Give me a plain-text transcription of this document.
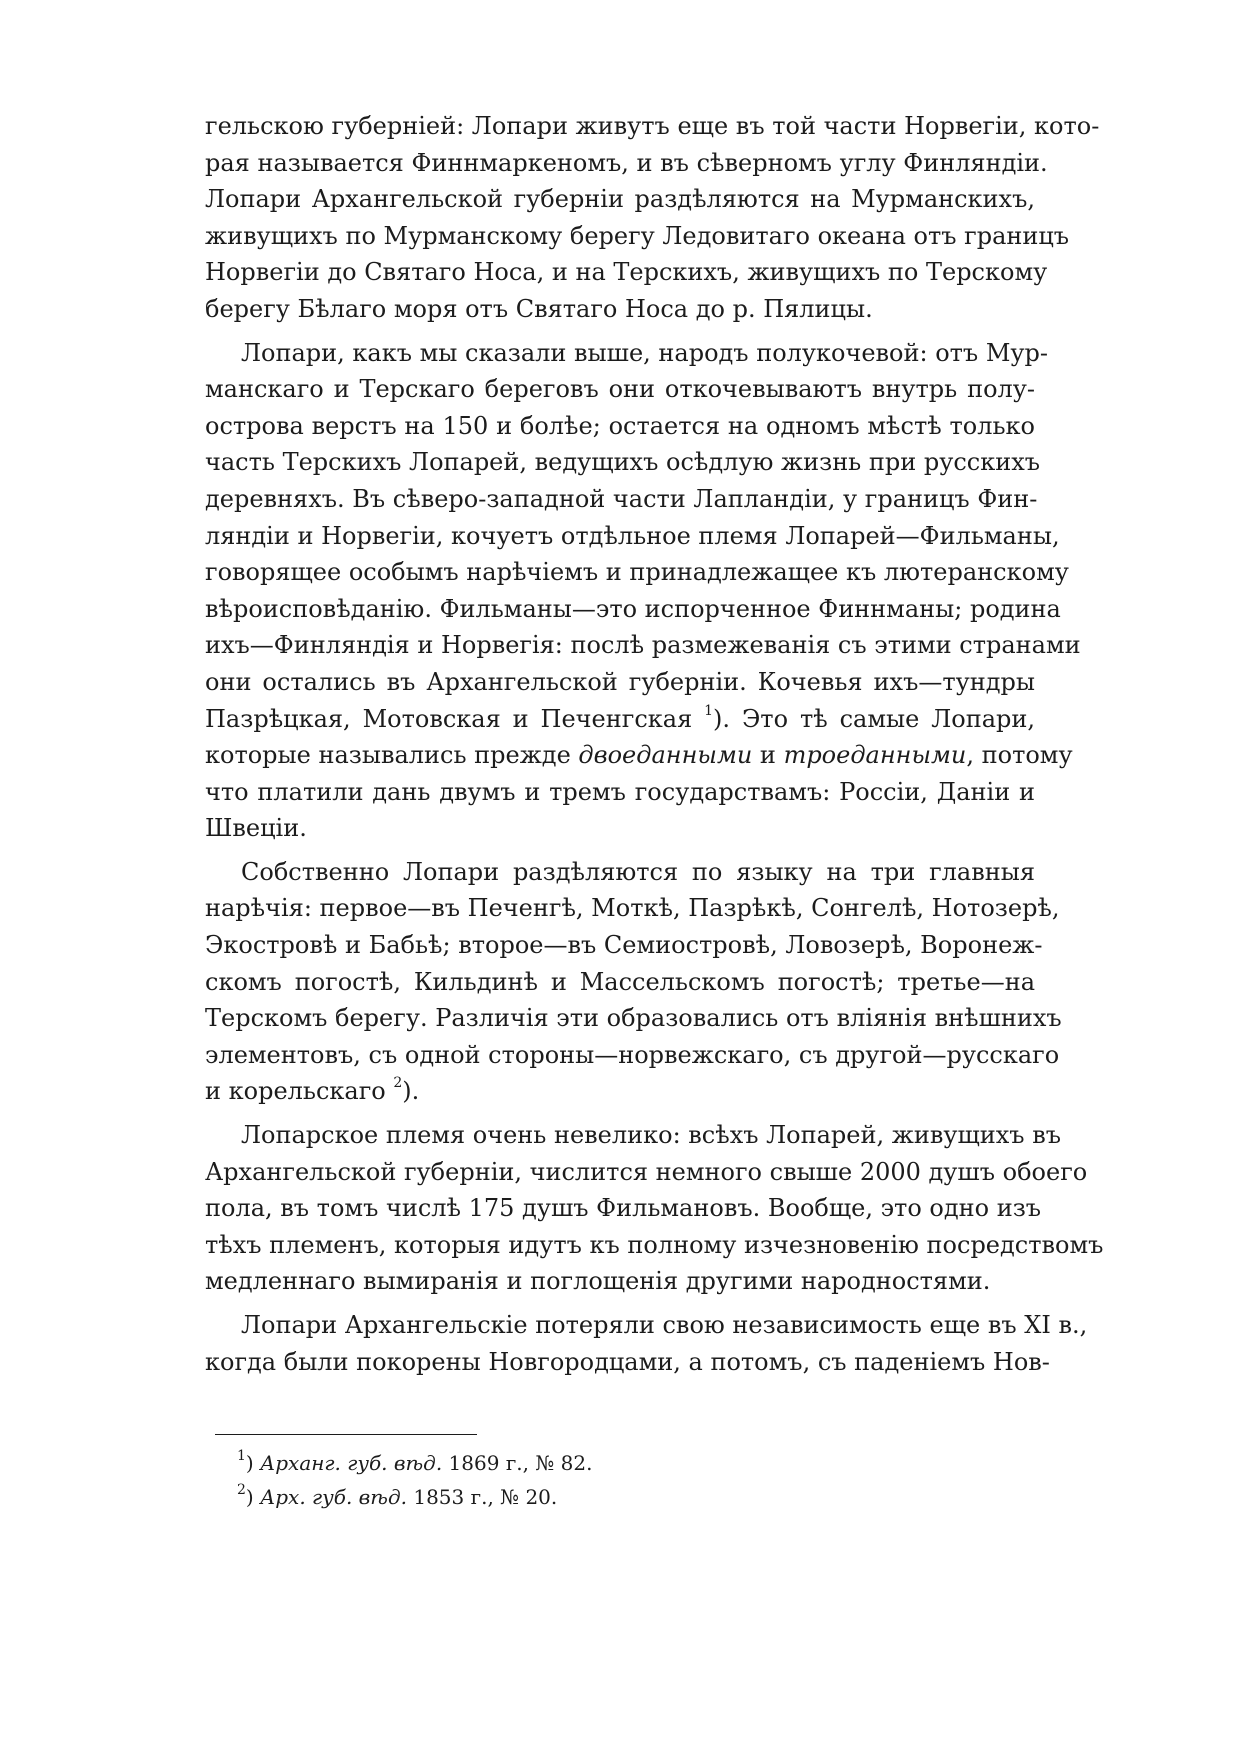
гельскою губерніей: Лопари живутъ еще въ той части Норвегіи, кото-
рая называется Финнмаркеномъ, и въ сѣверномъ углу Финляндіи.
Лопари Архангельской губерніи раздѣляются на Мурманскихъ,
живущихъ по Мурманскому берегу Ледовитаго океана отъ границъ
Норвегіи до Святаго Носа, и на Терскихъ, живущихъ по Терскому
берегу Бѣлаго моря отъ Святаго Носа до р. Пялицы.
Лопари, какъ мы сказали выше, народъ полукочевой: отъ Мур-
манскаго и Терскаго береговъ они откочевываютъ внутрь полу-
острова верстъ на 150 и болѣе; остается на одномъ мѣстѣ только
часть Терскихъ Лопарей, ведущихъ осѣдлую жизнь при русскихъ
деревняхъ. Въ сѣверо-западной части Лапландіи, у границъ Фин-
ляндіи и Норвегіи, кочуетъ отдѣльное племя Лопарей—Фильманы,
говорящее особымъ нарѣчіемъ и принадлежащее къ лютеранскому
вѣроисповѣданію. Фильманы—это испорченное Финнманы; родина
ихъ—Финляндія и Норвегія: послѣ размежеванія съ этими странами
они остались въ Архангельской губерніи. Кочевья ихъ—тундры
Пазрѣцкая, Мотовская и Печенгская $^1$). Это тѣ самые Лопари,
которые назывались прежде двоеданными и троеданными, потому
что платили дань двумъ и тремъ государствамъ: Россіи, Даніи и
Швеціи.
Собственно Лопари раздѣляются по языку на три главныя
нарѣчія: первое—въ Печенгѣ, Моткѣ, Пазрѣкѣ, Сонгелѣ, Нотозерѣ,
Экостровѣ и Бабьѣ; второе—въ Семиостровѣ, Ловозерѣ, Воронеж-
скомъ погостѣ, Кильдинѣ и Массельскомъ погостѣ; третье—на
Терскомъ берегу. Различія эти образовались отъ вліянія внѣшнихъ
элементовъ, съ одной стороны—норвежскаго, съ другой—русскаго
и корельскаго $^2$).
Лопарское племя очень невелико: всѣхъ Лопарей, живущихъ въ
Архангельской губерніи, числится немного свыше 2000 душъ обоего
пола, въ томъ числѣ 175 душъ Фильмановъ. Вообще, это одно изъ
тѣхъ племенъ, которыя идутъ къ полному изчезновенію посредствомъ
медленнаго вымиранія и поглощенія другими народностями.
Лопари Архангельскіе потеряли свою независимость еще въ XI в.,
когда были покорены Новгородцами, а потомъ, съ паденіемъ Нов-
$^1$) Арханг. губ. вѣд. 1869 г., № 82.
$^2$) Арх. губ. вѣд. 1853 г., № 20.
